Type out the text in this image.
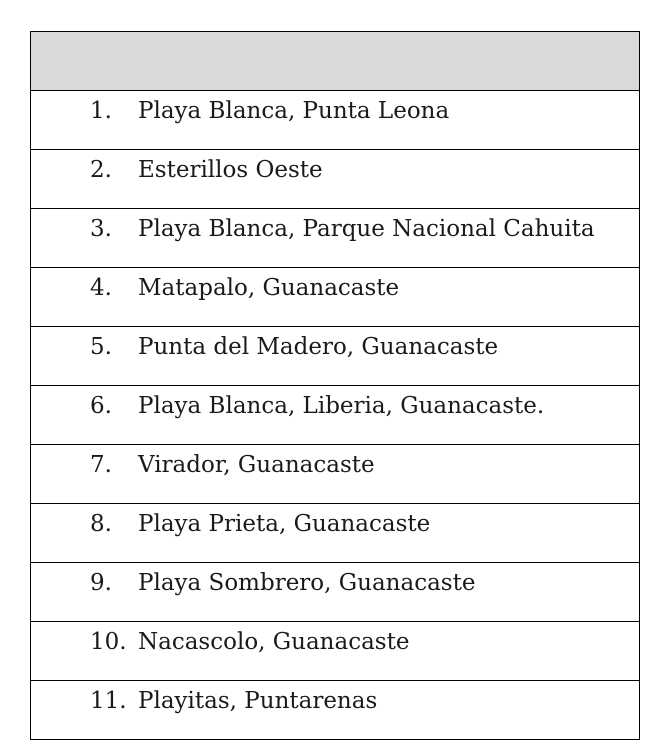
1.	Playa Blanca, Punta Leona

2.	Esterillos Oeste

3.	Playa Blanca, Parque Nacional Cahuita

4.	Matapalo, Guanacaste

5.	Punta del Madero, Guanacaste

6.	Playa Blanca, Liberia, Guanacaste.

7.	Virador, Guanacaste

8.	Playa Prieta, Guanacaste

9.	Playa Sombrero, Guanacaste

10. Nacascolo, Guanacaste

11. Playitas, Puntarenas
